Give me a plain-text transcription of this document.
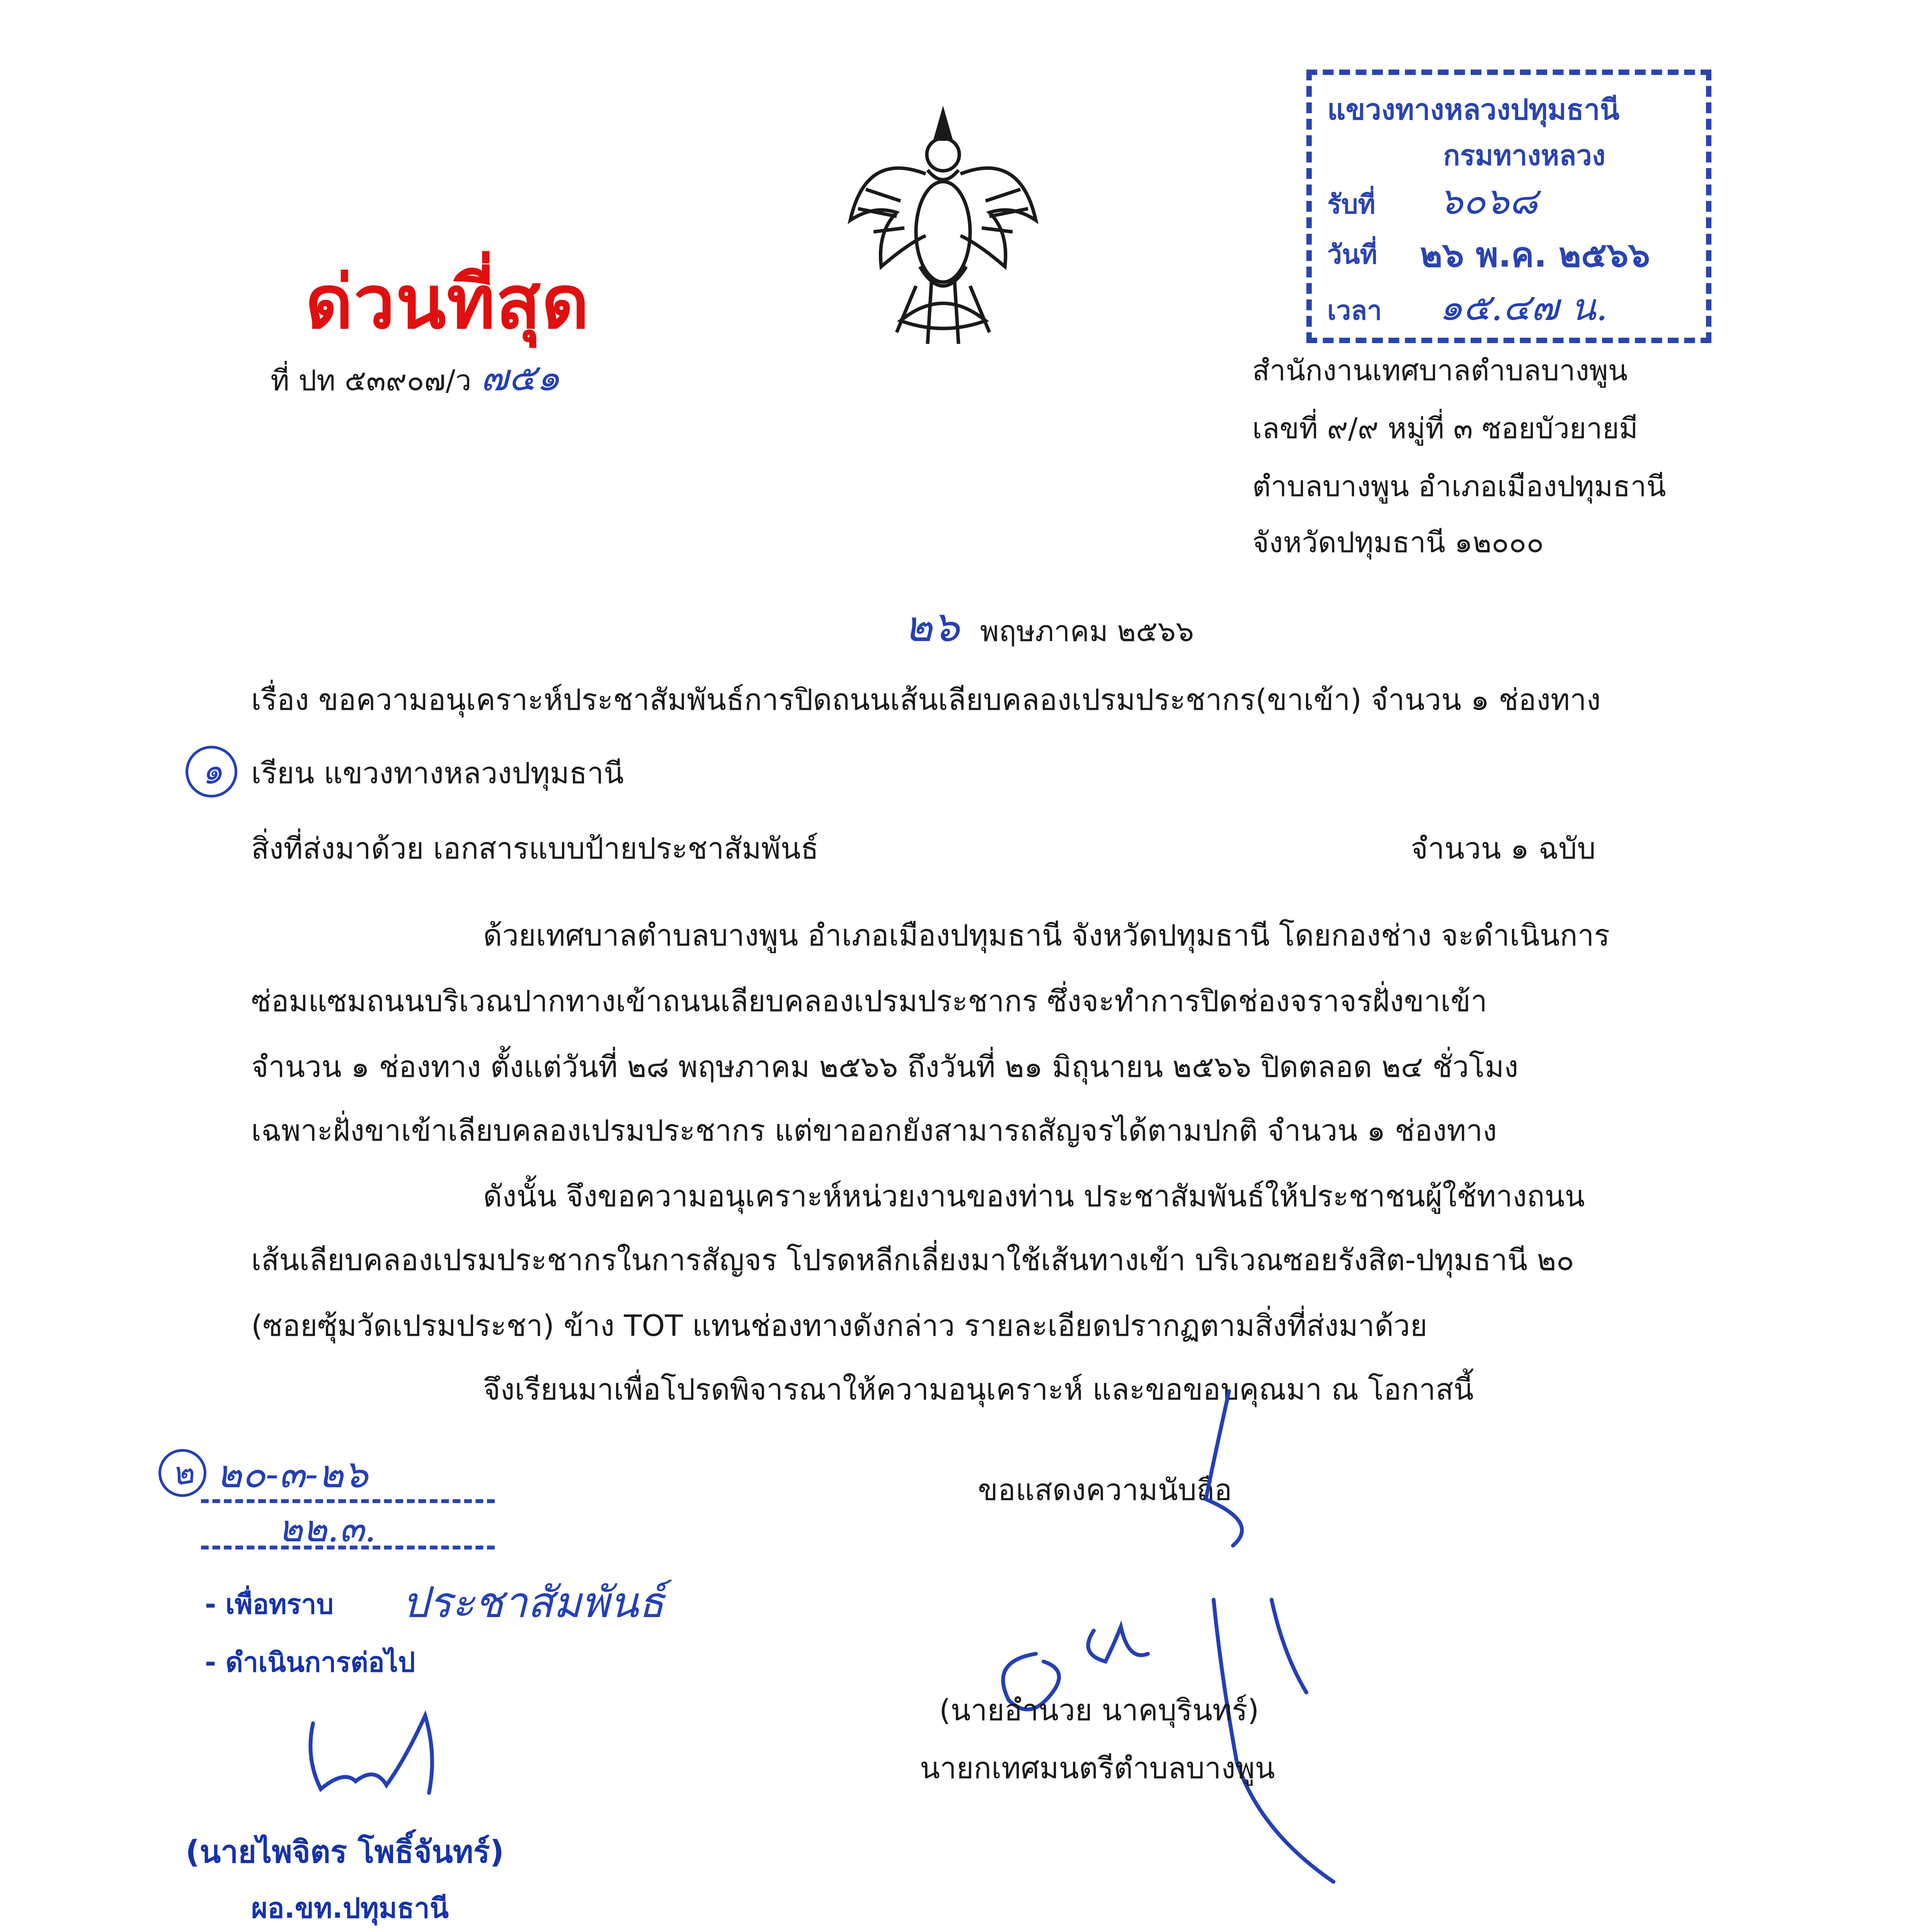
ด่วนที่สุด
ที่ ปท ๕๓๙๐๗/ว ๗๕๑
แขวงทางหลวงปทุมธานี
กรมทางหลวง
รับที่ ๖๐๖๘
วันที่ ๒๖ พ.ค. ๒๕๖๖
เวลา ๑๕.๔๗ น.
สำนักงานเทศบาลตำบลบางพูน
เลขที่ ๙/๙ หมู่ที่ ๓ ซอยบัวยายมี
ตำบลบางพูน อำเภอเมืองปทุมธานี
จังหวัดปทุมธานี ๑๒๐๐๐
๒๖ พฤษภาคม ๒๕๖๖
เรื่อง ขอความอนุเคราะห์ประชาสัมพันธ์การปิดถนนเส้นเลียบคลองเปรมประชากร(ขาเข้า) จำนวน ๑ ช่องทาง
๑ เรียน แขวงทางหลวงปทุมธานี
สิ่งที่ส่งมาด้วย เอกสารแบบป้ายประชาสัมพันธ์	จำนวน ๑ ฉบับ
ด้วยเทศบาลตำบลบางพูน อำเภอเมืองปทุมธานี จังหวัดปทุมธานี โดยกองช่าง จะดำเนินการ
ซ่อมแซมถนนบริเวณปากทางเข้าถนนเลียบคลองเปรมประชากร ซึ่งจะทำการปิดช่องจราจรฝั่งขาเข้า
จำนวน ๑ ช่องทาง ตั้งแต่วันที่ ๒๘ พฤษภาคม ๒๕๖๖ ถึงวันที่ ๒๑ มิถุนายน ๒๕๖๖ ปิดตลอด ๒๔ ชั่วโมง
เฉพาะฝั่งขาเข้าเลียบคลองเปรมประชากร แต่ขาออกยังสามารถสัญจรได้ตามปกติ จำนวน ๑ ช่องทาง
ดังนั้น จึงขอความอนุเคราะห์หน่วยงานของท่าน ประชาสัมพันธ์ให้ประชาชนผู้ใช้ทางถนน
เส้นเลียบคลองเปรมประชากรในการสัญจร โปรดหลีกเลี่ยงมาใช้เส้นทางเข้า บริเวณซอยรังสิต-ปทุมธานี ๒๐
(ซอยซุ้มวัดเปรมประชา) ข้าง TOT แทนช่องทางดังกล่าว รายละเอียดปรากฏตามสิ่งที่ส่งมาด้วย
จึงเรียนมาเพื่อโปรดพิจารณาให้ความอนุเคราะห์ และขอขอบคุณมา ณ โอกาสนี้
ขอแสดงความนับถือ
(นายอำนวย นาคบุรินทร์)
นายกเทศมนตรีตำบลบางพูน
๒ ๒๐-๓-๒๖
๒๒.๓.
- เพื่อทราบ ประชาสัมพันธ์
- ดำเนินการต่อไป
(นายไพจิตร โพธิ์จันทร์)
ผอ.ขท.ปทุมธานี
